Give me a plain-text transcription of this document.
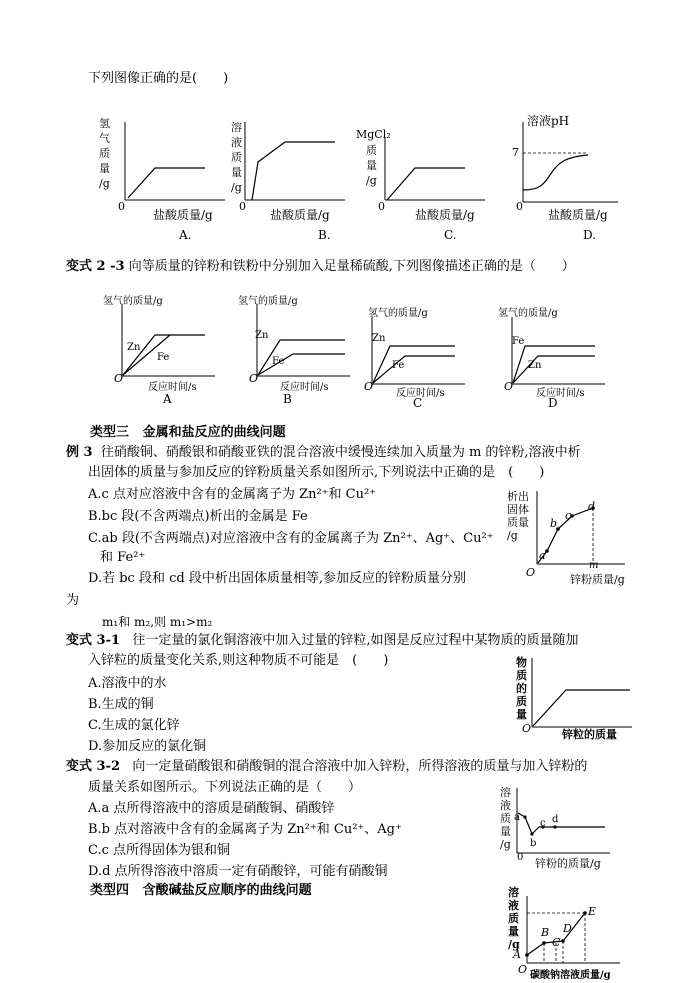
下列图像正确的是(　　)
氢
气
质
量
/g
0
盐酸质量/g
A.
溶
液
质
量
/g
0
盐酸质量/g
B.
MgCl₂
质
量
/g
0
盐酸质量/g
C.
溶液pH
7
0
盐酸质量/g
D.
变式 2 -3 向等质量的锌粉和铁粉中分别加入足量稀硫酸,下列图像描述正确的是（　　）
氢气的质量/g
Zn
Fe
O
反应时间/s
A
氢气的质量/g
Zn
Fe
O
反应时间/s
B
氢气的质量/g
Zn
Fe
O
反应时间/s
C
氢气的质量/g
Fe
Zn
O
反应时间/s
D
类型三 金属和盐反应的曲线问题
例 3 往硝酸铜、硝酸银和硝酸亚铁的混合溶液中缓慢连续加入质量为 m 的锌粉,溶液中析
出固体的质量与参加反应的锌粉质量关系如图所示,下列说法中正确的是　(　　)
A.c 点对应溶液中含有的金属离子为 Zn²⁺和 Cu²⁺
B.bc 段(不含两端点)析出的金属是 Fe
C.ab 段(不含两端点)对应溶液中含有的金属离子为 Zn²⁺、Ag⁺、Cu²⁺
和 Fe²⁺
D.若 bc 段和 cd 段中析出固体质量相等,参加反应的锌粉质量分别
为
m₁和 m₂,则 m₁>m₂
析出
固体
质量
/g
a
b
c
d
m
O
锌粉质量/g
变式 3-1 往一定量的氯化铜溶液中加入过量的锌粒,如图是反应过程中某物质的质量随加
入锌粒的质量变化关系,则这种物质不可能是　(　　)
A.溶液中的水
B.生成的铜
C.生成的氯化锌
D.参加反应的氯化铜
物
质
的
质
量
O	锌粒的质量
变式 3-2 向一定量硝酸银和硝酸铜的混合溶液中加入锌粉，所得溶液的质量与加入锌粉的
质量关系如图所示。下列说法正确的是（　　）
A.a 点所得溶液中的溶质是硝酸铜、硝酸锌
B.b 点对溶液中含有的金属离子为 Zn²⁺和 Cu²⁺、Ag⁺
C.c 点所得固体为银和铜
D.d 点所得溶液中溶质一定有硝酸锌，可能有硝酸铜
溶
液
质
量
/g
a
b
c d
0 锌粉的质量/g
类型四 含酸碱盐反应顺序的曲线问题	溶
液
质
量
/g
A
B
C
D
E
O 碳酸钠溶液质量/g
